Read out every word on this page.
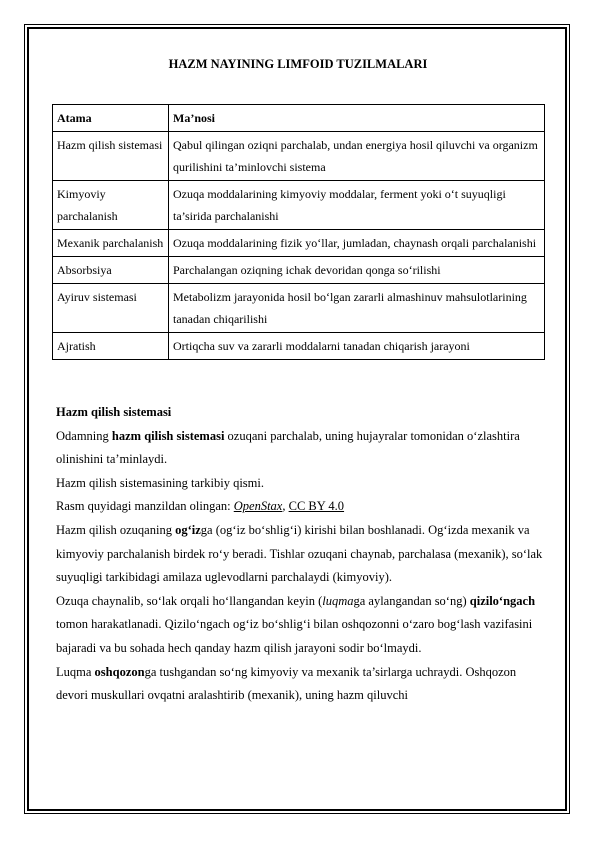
HAZM NAYINING LIMFOID TUZILMALARI
Atama	Ma’nosi
Hazm qilish sistemasi	Qabul qilingan oziqni parchalab, undan energiya hosil qiluvchi va organizm qurilishini ta’minlovchi sistema
Kimyoviy parchalanish	Ozuqa moddalarining kimyoviy moddalar, ferment yoki o‘t suyuqligi ta’sirida parchalanishi
Mexanik parchalanish	Ozuqa moddalarining fizik yo‘llar, jumladan, chaynash orqali parchalanishi
Absorbsiya	Parchalangan oziqning ichak devoridan qonga so‘rilishi
Ayiruv sistemasi	Metabolizm jarayonida hosil bo‘lgan zararli almashinuv mahsulotlarining tanadan chiqarilishi
Ajratish	Ortiqcha suv va zararli moddalarni tanadan chiqarish jarayoni

Hazm qilish sistemasi

Odamning hazm qilish sistemasi ozuqani parchalab, uning hujayralar tomonidan o‘zlashtira olinishini ta’minlaydi.

Hazm qilish sistemasining tarkibiy qismi.

Rasm quyidagi manzildan olingan: OpenStax, CC BY 4.0

Hazm qilish ozuqaning og‘izga (og‘iz bo‘shlig‘i) kirishi bilan boshlanadi. Og‘izda mexanik va kimyoviy parchalanish birdek ro‘y beradi. Tishlar ozuqani chaynab, parchalasa (mexanik), so‘lak suyuqligi tarkibidagi amilaza uglevodlarni parchalaydi (kimyoviy).

Ozuqa chaynalib, so‘lak orqali ho‘llangandan keyin (luqmaga aylangandan so‘ng) qizilo‘ngach tomon harakatlanadi. Qizilo‘ngach og‘iz bo‘shlig‘i bilan oshqozonni o‘zaro bog‘lash vazifasini bajaradi va bu sohada hech qanday hazm qilish jarayoni sodir bo‘lmaydi.

Luqma oshqozonga tushgandan so‘ng kimyoviy va mexanik ta’sirlarga uchraydi. Oshqozon devori muskullari ovqatni aralashtirib (mexanik), uning hazm qiluvchi
